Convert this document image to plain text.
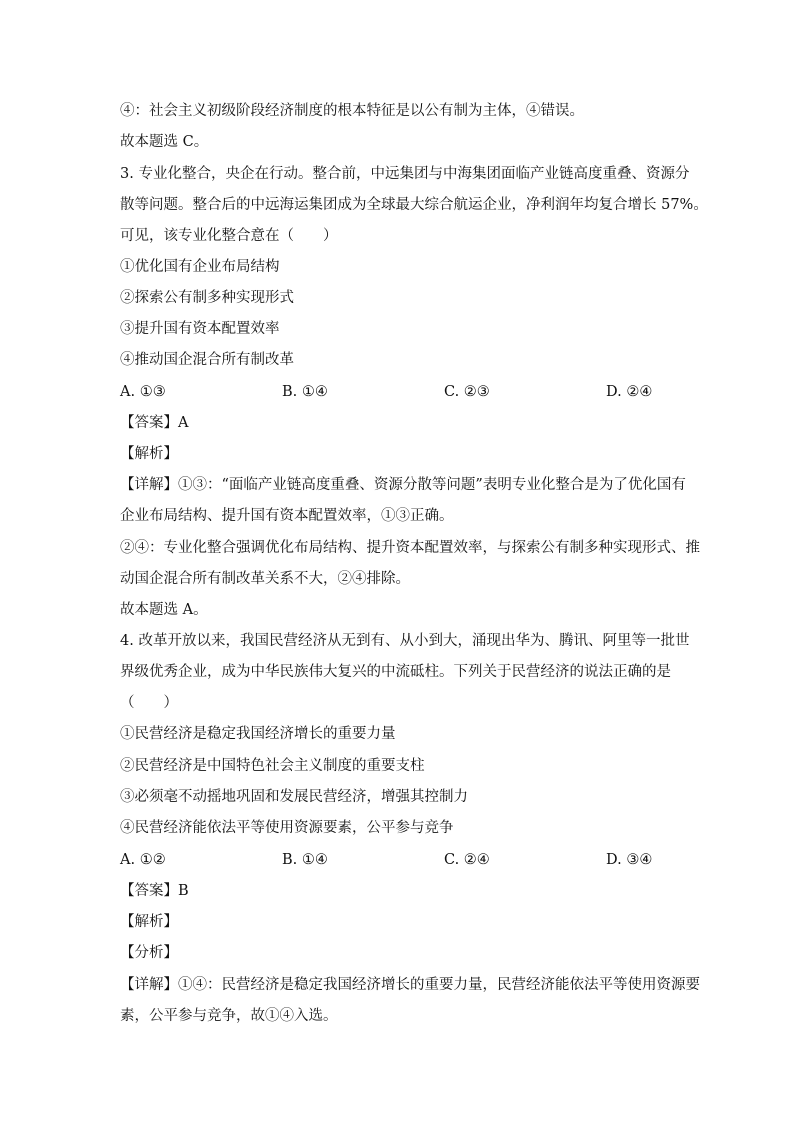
④：社会主义初级阶段经济制度的根本特征是以公有制为主体，④错误。
故本题选 C。
3. 专业化整合，央企在行动。整合前，中远集团与中海集团面临产业链高度重叠、资源分
散等问题。整合后的中远海运集团成为全球最大综合航运企业，净利润年均复合增长 57%。
可见，该专业化整合意在（　　）
①优化国有企业布局结构
②探索公有制多种实现形式
③提升国有资本配置效率
④推动国企混合所有制改革
A. ①③	B. ①④	C. ②③	D. ②④
【答案】A
【解析】
【详解】①③：“面临产业链高度重叠、资源分散等问题”表明专业化整合是为了优化国有
企业布局结构、提升国有资本配置效率，①③正确。
②④：专业化整合强调优化布局结构、提升资本配置效率，与探索公有制多种实现形式、推
动国企混合所有制改革关系不大，②④排除。
故本题选 A。
4. 改革开放以来，我国民营经济从无到有、从小到大，涌现出华为、腾讯、阿里等一批世
界级优秀企业，成为中华民族伟大复兴的中流砥柱。下列关于民营经济的说法正确的是
（　　）
①民营经济是稳定我国经济增长的重要力量
②民营经济是中国特色社会主义制度的重要支柱
③必须毫不动摇地巩固和发展民营经济，增强其控制力
④民营经济能依法平等使用资源要素，公平参与竞争
A. ①②	B. ①④	C. ②④	D. ③④
【答案】B
【解析】
【分析】
【详解】①④：民营经济是稳定我国经济增长的重要力量，民营经济能依法平等使用资源要
素，公平参与竞争，故①④入选。
